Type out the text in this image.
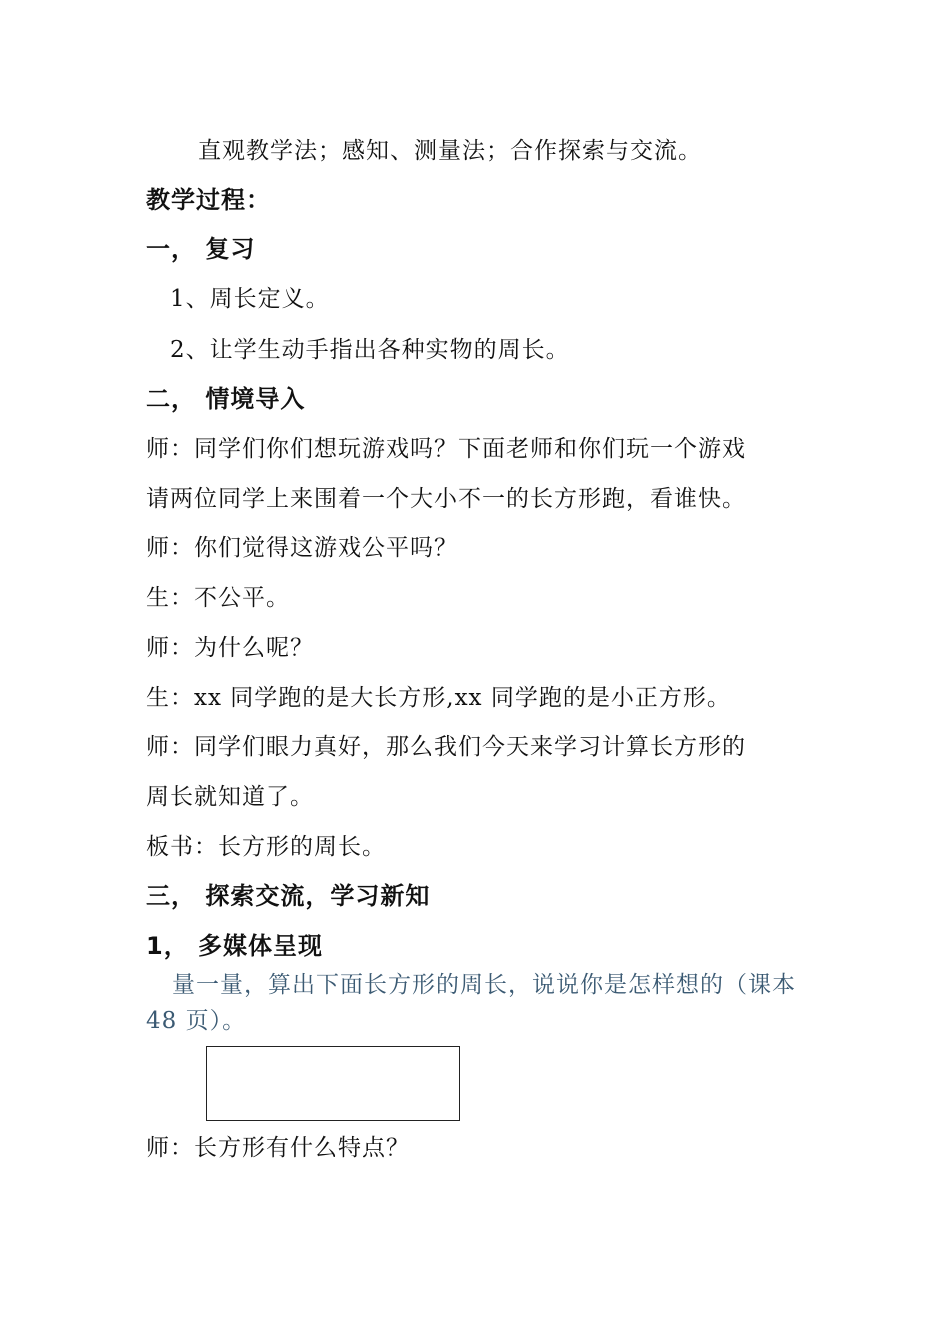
直观教学法；感知、测量法；合作探索与交流。
教学过程：
一， 复习
1、周长定义。
2、让学生动手指出各种实物的周长。
二， 情境导入
师：同学们你们想玩游戏吗？下面老师和你们玩一个游戏
请两位同学上来围着一个大小不一的长方形跑，看谁快。
师：你们觉得这游戏公平吗？
生：不公平。
师：为什么呢？
生：xx 同学跑的是大长方形,xx 同学跑的是小正方形。
师：同学们眼力真好，那么我们今天来学习计算长方形的
周长就知道了。
板书：长方形的周长。
三， 探索交流，学习新知
1， 多媒体呈现
量一量，算出下面长方形的周长，说说你是怎样想的（课本
48 页）。
师：长方形有什么特点？
